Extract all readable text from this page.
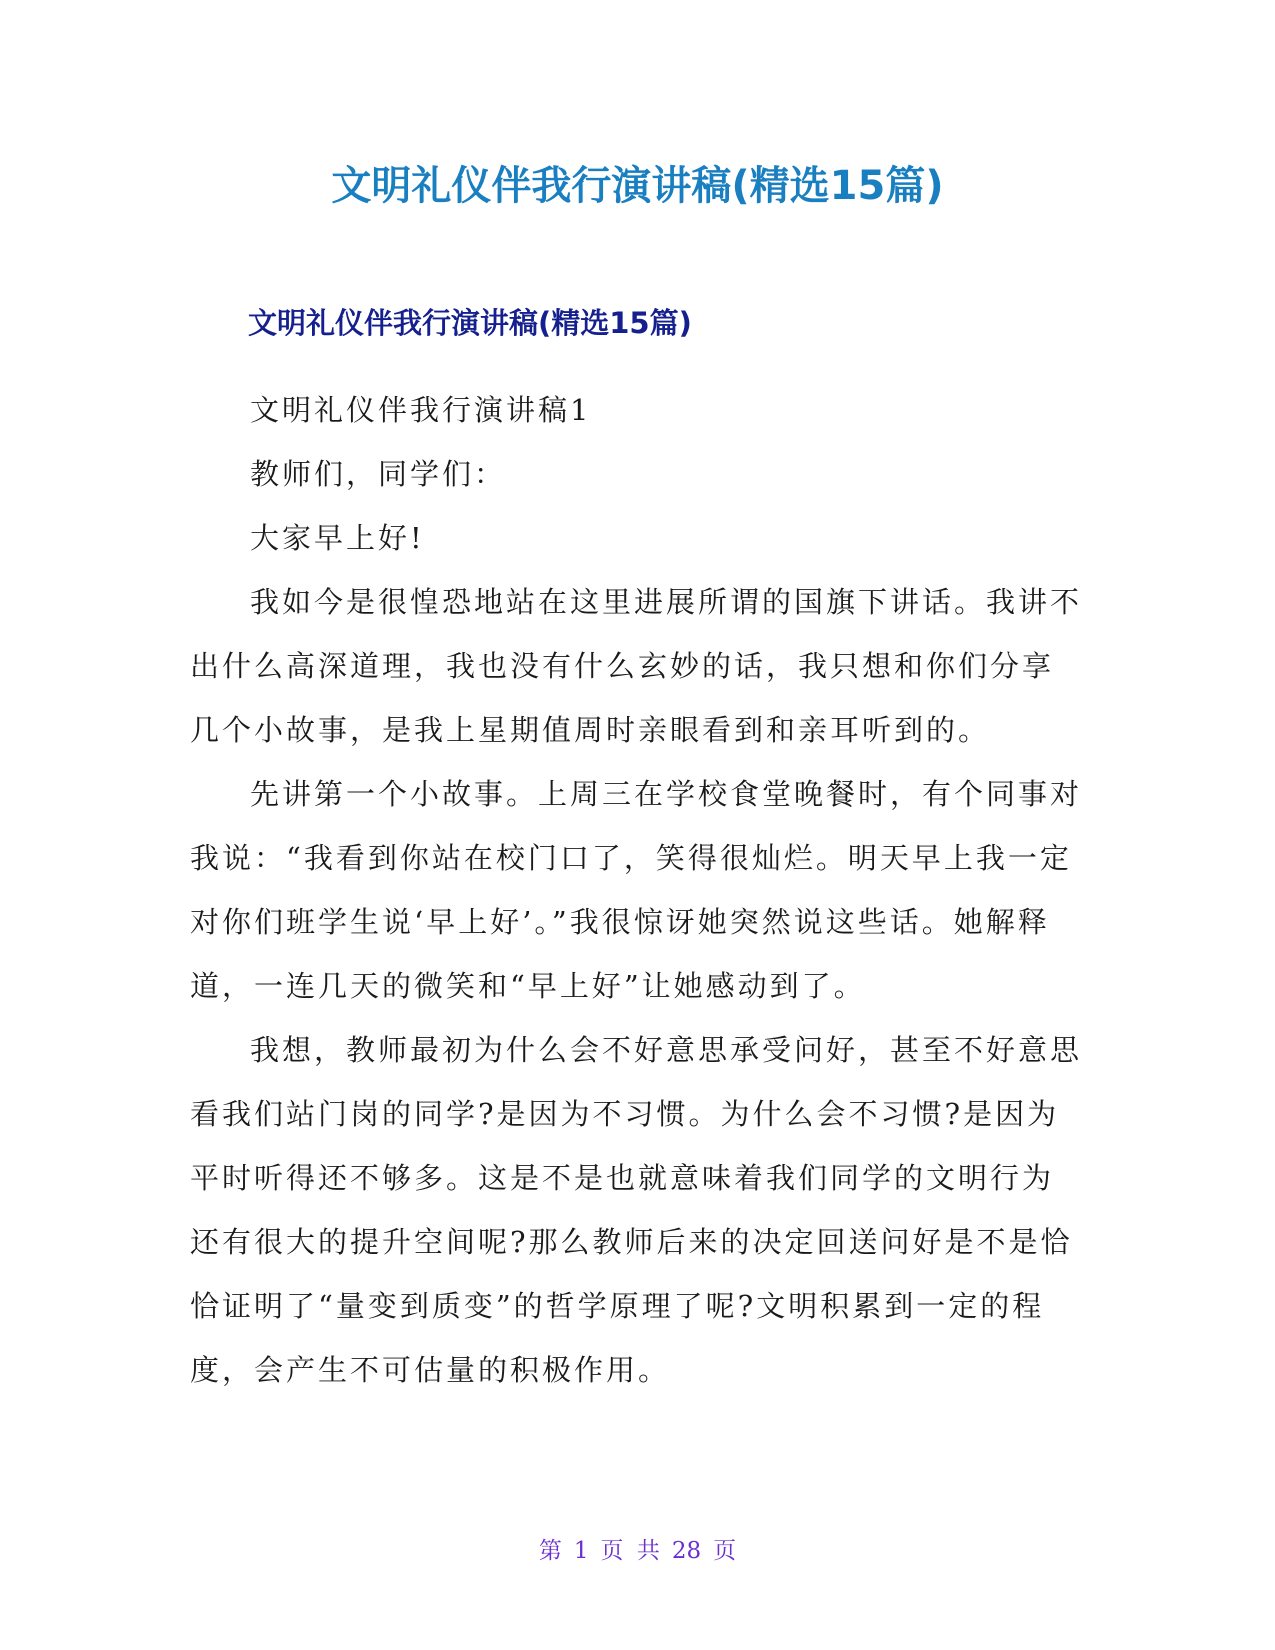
文明礼仪伴我行演讲稿(精选15篇)
文明礼仪伴我行演讲稿(精选15篇)

文明礼仪伴我行演讲稿1

教师们，同学们：

大家早上好!

我如今是很惶恐地站在这里进展所谓的国旗下讲话。我讲不出什么高深道理，我也没有什么玄妙的话，我只想和你们分享几个小故事，是我上星期值周时亲眼看到和亲耳听到的。

先讲第一个小故事。上周三在学校食堂晚餐时，有个同事对我说：“我看到你站在校门口了，笑得很灿烂。明天早上我一定对你们班学生说‘早上好’。”我很惊讶她突然说这些话。她解释道，一连几天的微笑和“早上好”让她感动到了。

我想，教师最初为什么会不好意思承受问好，甚至不好意思看我们站门岗的同学?是因为不习惯。为什么会不习惯?是因为平时听得还不够多。这是不是也就意味着我们同学的文明行为还有很大的提升空间呢?那么教师后来的决定回送问好是不是恰恰证明了“量变到质变”的哲学原理了呢?文明积累到一定的程度，会产生不可估量的积极作用。

第 1 页 共 28 页
